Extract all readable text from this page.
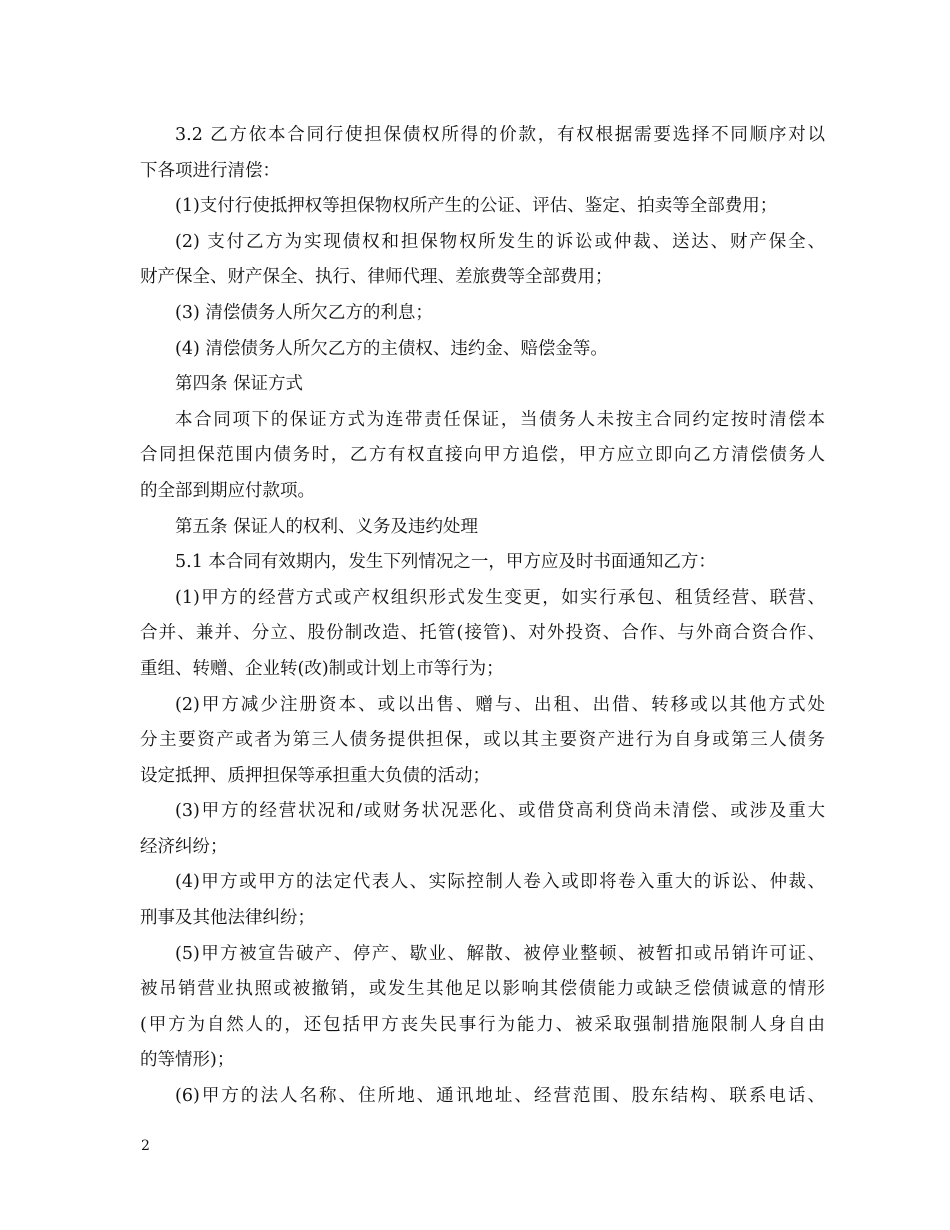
3.2 乙方依本合同行使担保债权所得的价款，有权根据需要选择不同顺序对以
下各项进行清偿：
(1)支付行使抵押权等担保物权所产生的公证、评估、鉴定、拍卖等全部费用；
(2) 支付乙方为实现债权和担保物权所发生的诉讼或仲裁、送达、财产保全、
财产保全、财产保全、执行、律师代理、差旅费等全部费用；
(3) 清偿债务人所欠乙方的利息；
(4) 清偿债务人所欠乙方的主债权、违约金、赔偿金等。
第四条 保证方式
本合同项下的保证方式为连带责任保证，当债务人未按主合同约定按时清偿本
合同担保范围内债务时，乙方有权直接向甲方追偿，甲方应立即向乙方清偿债务人
的全部到期应付款项。
第五条 保证人的权利、义务及违约处理
5.1 本合同有效期内，发生下列情况之一，甲方应及时书面通知乙方：
(1)甲方的经营方式或产权组织形式发生变更，如实行承包、租赁经营、联营、
合并、兼并、分立、股份制改造、托管(接管)、对外投资、合作、与外商合资合作、
重组、转赠、企业转(改)制或计划上市等行为；
(2)甲方减少注册资本、或以出售、赠与、出租、出借、转移或以其他方式处
分主要资产或者为第三人债务提供担保，或以其主要资产进行为自身或第三人债务
设定抵押、质押担保等承担重大负债的活动；
(3)甲方的经营状况和/或财务状况恶化、或借贷高利贷尚未清偿、或涉及重大
经济纠纷；
(4)甲方或甲方的法定代表人、实际控制人卷入或即将卷入重大的诉讼、仲裁、
刑事及其他法律纠纷；
(5)甲方被宣告破产、停产、歇业、解散、被停业整顿、被暂扣或吊销许可证、
被吊销营业执照或被撤销，或发生其他足以影响其偿债能力或缺乏偿债诚意的情形
(甲方为自然人的，还包括甲方丧失民事行为能力、被采取强制措施限制人身自由
的等情形)；
(6)甲方的法人名称、住所地、通讯地址、经营范围、股东结构、联系电话、
2
